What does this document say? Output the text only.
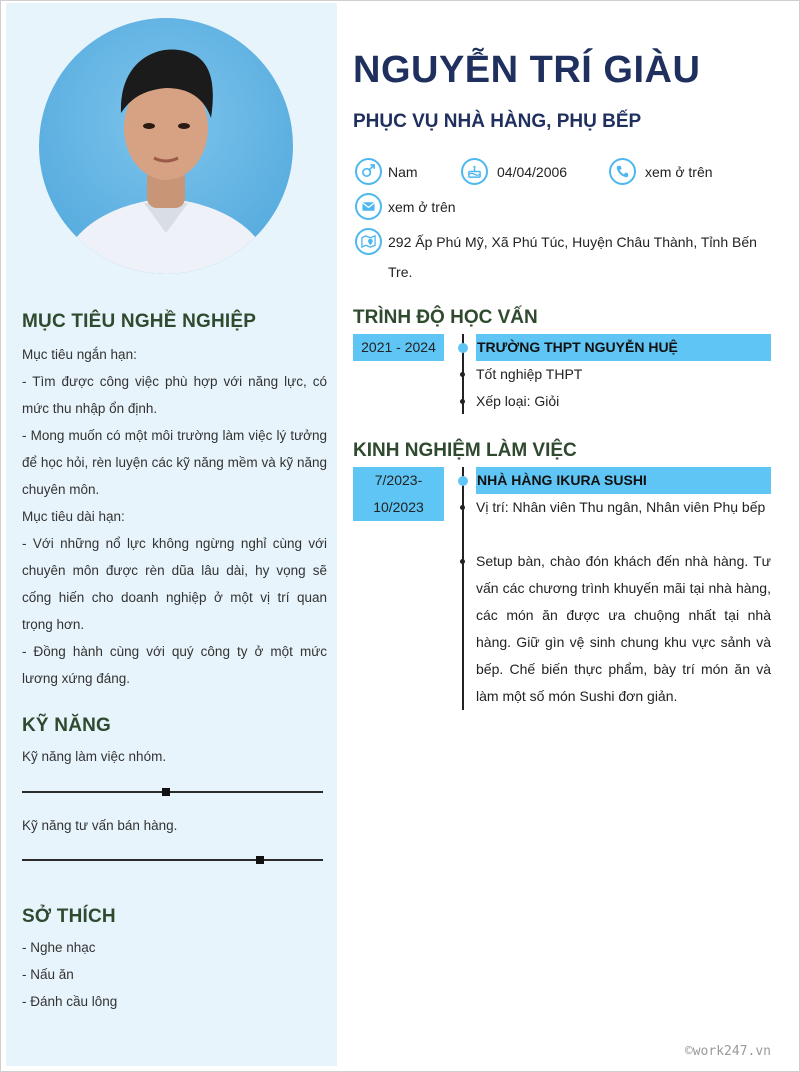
MỤC TIÊU NGHỀ NGHIỆP

Mục tiêu ngắn hạn:

- Tìm được công việc phù hợp với năng lực, có mức thu nhập ổn định.

- Mong muốn có một môi trường làm việc lý tưởng để học hỏi, rèn luyện các kỹ năng mềm và kỹ năng chuyên môn.

Mục tiêu dài hạn:

- Với những nổ lực không ngừng nghỉ cùng với chuyên môn được rèn dũa lâu dài, hy vọng sẽ cống hiến cho doanh nghiệp ở một vị trí quan trọng hơn.

- Đồng hành cùng với quý công ty ở một mức lương xứng đáng.

KỸ NĂNG
Kỹ năng làm việc nhóm.
Kỹ năng tư vấn bán hàng.
SỞ THÍCH
- Nghe nhạc
- Nấu ăn
- Đánh cầu lông
NGUYỄN TRÍ GIÀU
PHỤC VỤ NHÀ HÀNG, PHỤ BẾP
Nam	04/04/2006	xem ở trên
xem ở trên
292 Ấp Phú Mỹ, Xã Phú Túc, Huyện Châu Thành, Tỉnh Bến
Tre.
TRÌNH ĐỘ HỌC VẤN
2021 - 2024	TRƯỜNG THPT NGUYỄN HUỆ
Tốt nghiệp THPT
Xếp loại: Giỏi
KINH NGHIỆM LÀM VIỆC
7/2023-
10/2023
NHÀ HÀNG IKURA SUSHI
Vị trí: Nhân viên Thu ngân, Nhân viên Phụ bếp
Setup bàn, chào đón khách đến nhà hàng. Tư vấn các chương trình khuyến mãi tại nhà hàng, các món ăn được ưa chuộng nhất tại nhà hàng. Giữ gìn vệ sinh chung khu vực sảnh và bếp. Chế biến thực phẩm, bày trí món ăn và làm một số món Sushi đơn giản.
©work247.vn
